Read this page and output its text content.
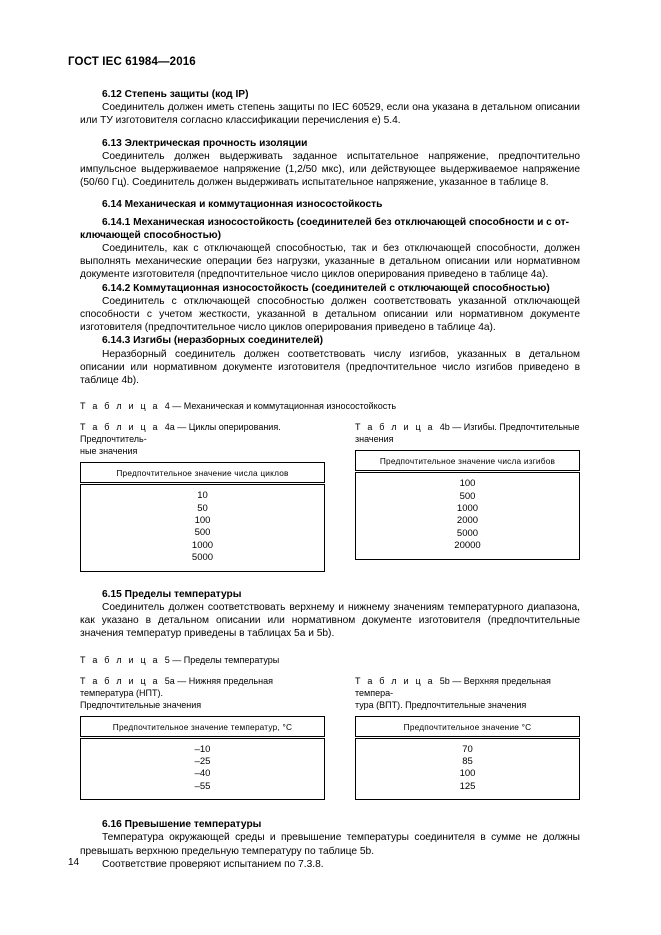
ГОСТ IEC 61984—2016
6.12 Степень защиты (код IP)

Соединитель должен иметь степень защиты по IEC 60529, если она указана в детальном описании или ТУ изготовителя согласно классификации перечисления e) 5.4.

6.13 Электрическая прочность изоляции

Соединитель должен выдерживать заданное испытательное напряжение, предпочтительно импульсное выдерживаемое напряжение (1,2/50 мкс), или действующее выдерживаемое напряжение (50/60 Гц). Соединитель должен выдерживать испытательное напряжение, указанное в таблице 8.

6.14 Механическая и коммутационная износостойкость
6.14.1 Механическая износостойкость (соединителей без отключающей способности и с от-
ключающей способностью)

Соединитель, как с отключающей способностью, так и без отключающей способности, должен выполнять механические операции без нагрузки, указанные в детальном описании или нормативном документе изготовителя (предпочтительное число циклов оперирования приведено в таблице 4a).

6.14.2 Коммутационная износостойкость (соединителей с отключающей способностью)

Соединитель с отключающей способностью должен соответствовать указанной отключающей способности с учетом жесткости, указанной в детальном описании или нормативном документе изготовителя (предпочтительное число циклов оперирования приведено в таблице 4a).

6.14.3 Изгибы (неразборных соединителей)

Неразборный соединитель должен соответствовать числу изгибов, указанных в детальном описании или нормативном документе изготовителя (предпочтительное число изгибов приведено в таблице 4b).

Т а б л и ц а 4 — Механическая и коммутационная износостойкость

Т а б л и ц а 4a — Циклы оперирования. Предпочтитель-
ные значения

Предпочтительное значение числа циклов
10
50
100
500
1000
5000

Т а б л и ц а 4b — Изгибы. Предпочтительные
значения

Предпочтительное значение числа изгибов
100
500
1000
2000
5000
20000
6.15 Пределы температуры

Соединитель должен соответствовать верхнему и нижнему значениям температурного диапазона, как указано в детальном описании или нормативном документе изготовителя (предпочтительные значения температур приведены в таблицах 5a и 5b).

Т а б л и ц а 5 — Пределы температуры

Т а б л и ц а 5a — Нижняя предельная температура (НПТ).
Предпочтительные значения

Предпочтительное значение температур, °С
–10
–25
–40
–55

Т а б л и ц а 5b — Верхняя предельная темпера-
тура (ВПТ). Предпочтительные значения

Предпочтительное значение °С
70
85
100
125
6.16 Превышение температуры

Температура окружающей среды и превышение температуры соединителя в сумме не должны превышать верхнюю предельную температуру по таблице 5b.

Соответствие проверяют испытанием по 7.3.8.

14
